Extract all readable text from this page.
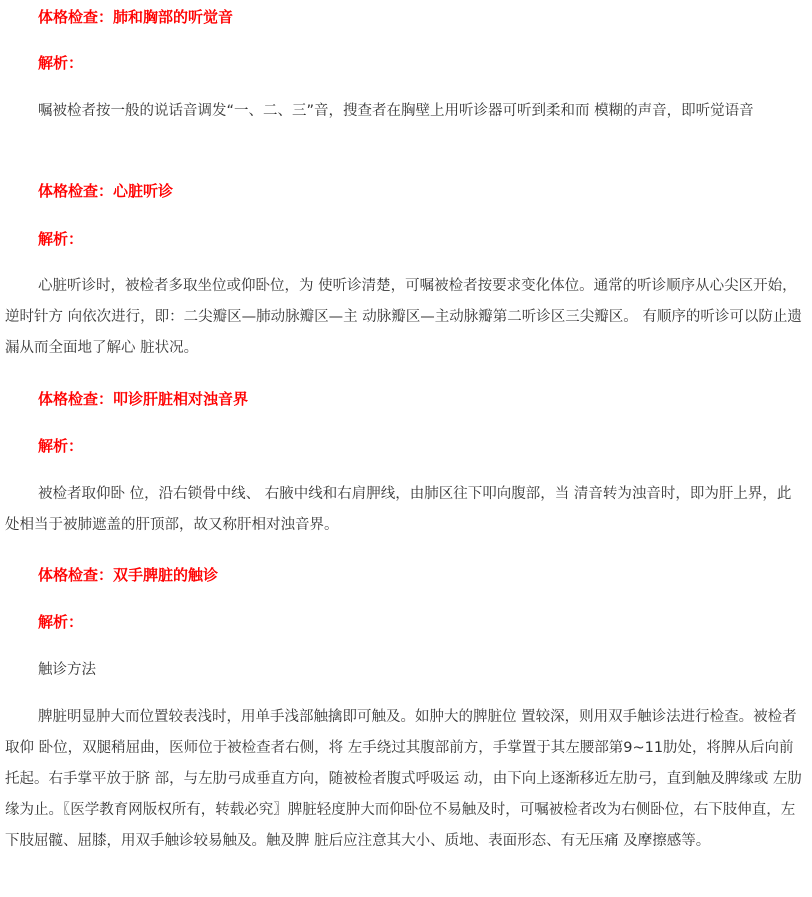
体格检查：肺和胸部的听觉音
解析：
嘱被检者按一般的说话音调发“一、二、三”音，搜查者在胸壁上用听诊器可听到柔和而 模糊的声音，即听觉语音
体格检查：心脏听诊
解析：
心脏听诊时，被检者多取坐位或仰卧位，为 使听诊清楚，可嘱被检者按要求变化体位。通常的听诊顺序从心尖区开始，逆时针方 向依次进行，即：二尖瓣区—肺动脉瓣区—主 动脉瓣区—主动脉瓣第二听诊区三尖瓣区。 有顺序的听诊可以防止遗漏从而全面地了解心 脏状况。
体格检查：叩诊肝脏相对浊音界
解析：
被检者取仰卧 位，沿右锁骨中线、 右腋中线和右肩胛线，由肺区往下叩向腹部，当 清音转为浊音时，即为肝上界，此处相当于被肺遮盖的肝顶部，故又称肝相对浊音界。
体格检查：双手脾脏的触诊
解析：
触诊方法
脾脏明显肿大而位置较表浅时，用单手浅部触擒即可触及。如肿大的脾脏位 置较深，则用双手触诊法进行检查。被检者取仰 卧位，双腿稍屈曲，医师位于被检查者右侧，将 左手绕过其腹部前方，手掌置于其左腰部第9~11肋处，将脾从后向前托起。右手掌平放于脐 部，与左肋弓成垂直方向，随被检者腹式呼吸运 动，由下向上逐渐移近左肋弓，直到触及脾缘或 左肋缘为止。〖医学教育网版权所有，转载必究〗脾脏轻度肿大而仰卧位不易触及时，可嘱被检者改为右侧卧位，右下肢伸直，左 下肢屈髋、屈膝，用双手触诊较易触及。触及脾 脏后应注意其大小、质地、表面形态、有无压痛 及摩擦感等。
